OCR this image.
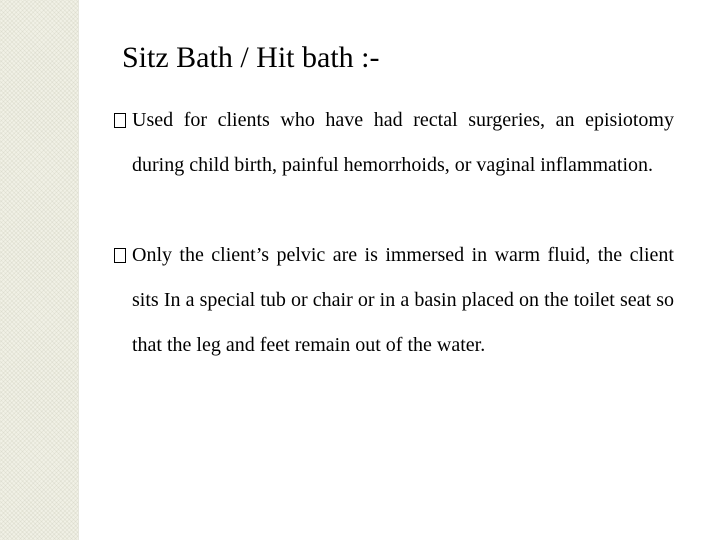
Sitz Bath / Hit bath :-
Used for clients who have had rectal surgeries, an episiotomy during child birth, painful hemorrhoids, or vaginal inflammation.
Only the client’s pelvic are is immersed in warm fluid, the client sits In a special tub or chair or in a basin placed on the toilet seat so that the leg and feet remain out of the water.
